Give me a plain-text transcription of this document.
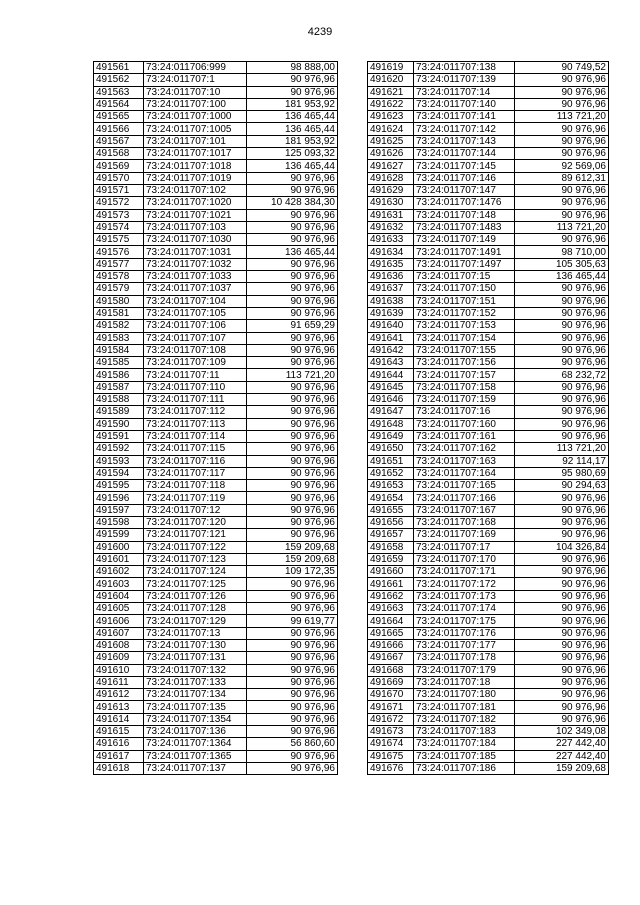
4239
491561	73:24:011706:999	98 888,00
491562	73:24:011707:1	90 976,96
491563	73:24:011707:10	90 976,96
491564	73:24:011707:100	181 953,92
491565	73:24:011707:1000	136 465,44
491566	73:24:011707:1005	136 465,44
491567	73:24:011707:101	181 953,92
491568	73:24:011707:1017	125 093,32
491569	73:24:011707:1018	136 465,44
491570	73:24:011707:1019	90 976,96
491571	73:24:011707:102	90 976,96
491572	73:24:011707:1020	10 428 384,30
491573	73:24:011707:1021	90 976,96
491574	73:24:011707:103	90 976,96
491575	73:24:011707:1030	90 976,96
491576	73:24:011707:1031	136 465,44
491577	73:24:011707:1032	90 976,96
491578	73:24:011707:1033	90 976,96
491579	73:24:011707:1037	90 976,96
491580	73:24:011707:104	90 976,96
491581	73:24:011707:105	90 976,96
491582	73:24:011707:106	91 659,29
491583	73:24:011707:107	90 976,96
491584	73:24:011707:108	90 976,96
491585	73:24:011707:109	90 976,96
491586	73:24:011707:11	113 721,20
491587	73:24:011707:110	90 976,96
491588	73:24:011707:111	90 976,96
491589	73:24:011707:112	90 976,96
491590	73:24:011707:113	90 976,96
491591	73:24:011707:114	90 976,96
491592	73:24:011707:115	90 976,96
491593	73:24:011707:116	90 976,96
491594	73:24:011707:117	90 976,96
491595	73:24:011707:118	90 976,96
491596	73:24:011707:119	90 976,96
491597	73:24:011707:12	90 976,96
491598	73:24:011707:120	90 976,96
491599	73:24:011707:121	90 976,96
491600	73:24:011707:122	159 209,68
491601	73:24:011707:123	159 209,68
491602	73:24:011707:124	109 172,35
491603	73:24:011707:125	90 976,96
491604	73:24:011707:126	90 976,96
491605	73:24:011707:128	90 976,96
491606	73:24:011707:129	99 619,77
491607	73:24:011707:13	90 976,96
491608	73:24:011707:130	90 976,96
491609	73:24:011707:131	90 976,96
491610	73:24:011707:132	90 976,96
491611	73:24:011707:133	90 976,96
491612	73:24:011707:134	90 976,96
491613	73:24:011707:135	90 976,96
491614	73:24:011707:1354	90 976,96
491615	73:24:011707:136	90 976,96
491616	73:24:011707:1364	56 860,60
491617	73:24:011707:1365	90 976,96
491618	73:24:011707:137	90 976,96
491619	73:24:011707:138	90 749,52
491620	73:24:011707:139	90 976,96
491621	73:24:011707:14	90 976,96
491622	73:24:011707:140	90 976,96
491623	73:24:011707:141	113 721,20
491624	73:24:011707:142	90 976,96
491625	73:24:011707:143	90 976,96
491626	73:24:011707:144	90 976,96
491627	73:24:011707:145	92 569,06
491628	73:24:011707:146	89 612,31
491629	73:24:011707:147	90 976,96
491630	73:24:011707:1476	90 976,96
491631	73:24:011707:148	90 976,96
491632	73:24:011707:1483	113 721,20
491633	73:24:011707:149	90 976,96
491634	73:24:011707:1491	98 710,00
491635	73:24:011707:1497	105 305,63
491636	73:24:011707:15	136 465,44
491637	73:24:011707:150	90 976,96
491638	73:24:011707:151	90 976,96
491639	73:24:011707:152	90 976,96
491640	73:24:011707:153	90 976,96
491641	73:24:011707:154	90 976,96
491642	73:24:011707:155	90 976,96
491643	73:24:011707:156	90 976,96
491644	73:24:011707:157	68 232,72
491645	73:24:011707:158	90 976,96
491646	73:24:011707:159	90 976,96
491647	73:24:011707:16	90 976,96
491648	73:24:011707:160	90 976,96
491649	73:24:011707:161	90 976,96
491650	73:24:011707:162	113 721,20
491651	73:24:011707:163	92 114,17
491652	73:24:011707:164	95 980,69
491653	73:24:011707:165	90 294,63
491654	73:24:011707:166	90 976,96
491655	73:24:011707:167	90 976,96
491656	73:24:011707:168	90 976,96
491657	73:24:011707:169	90 976,96
491658	73:24:011707:17	104 326,84
491659	73:24:011707:170	90 976,96
491660	73:24:011707:171	90 976,96
491661	73:24:011707:172	90 976,96
491662	73:24:011707:173	90 976,96
491663	73:24:011707:174	90 976,96
491664	73:24:011707:175	90 976,96
491665	73:24:011707:176	90 976,96
491666	73:24:011707:177	90 976,96
491667	73:24:011707:178	90 976,96
491668	73:24:011707:179	90 976,96
491669	73:24:011707:18	90 976,96
491670	73:24:011707:180	90 976,96
491671	73:24:011707:181	90 976,96
491672	73:24:011707:182	90 976,96
491673	73:24:011707:183	102 349,08
491674	73:24:011707:184	227 442,40
491675	73:24:011707:185	227 442,40
491676	73:24:011707:186	159 209,68
